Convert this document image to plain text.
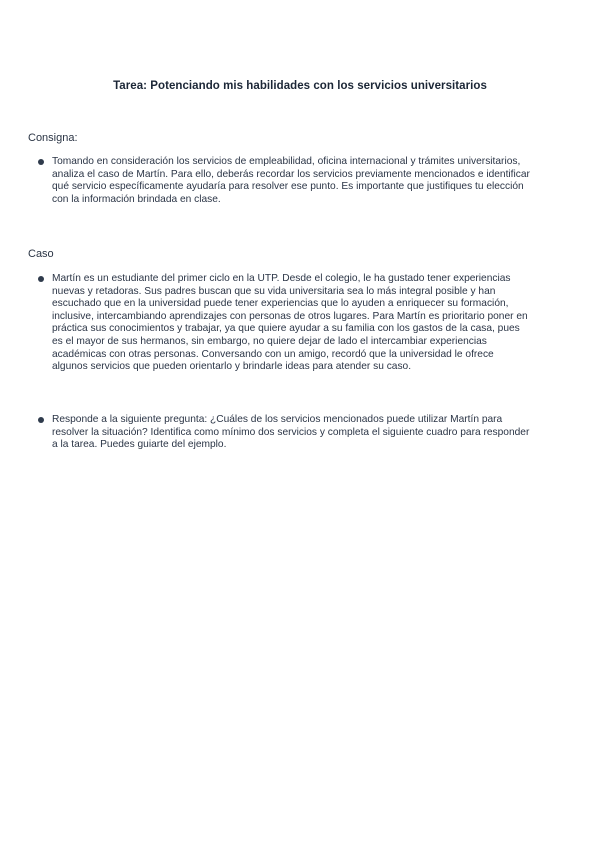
Tarea: Potenciando mis habilidades con los servicios universitarios
Consigna:
Tomando en consideración los servicios de empleabilidad, oficina internacional y trámites universitarios,
analiza el caso de Martín. Para ello, deberás recordar los servicios previamente mencionados e identificar
qué servicio específicamente ayudaría para resolver ese punto. Es importante que justifiques tu elección
con la información brindada en clase.
Caso
Martín es un estudiante del primer ciclo en la UTP. Desde el colegio, le ha gustado tener experiencias
nuevas y retadoras. Sus padres buscan que su vida universitaria sea lo más integral posible y han
escuchado que en la universidad puede tener experiencias que lo ayuden a enriquecer su formación,
inclusive, intercambiando aprendizajes con personas de otros lugares. Para Martín es prioritario poner en
práctica sus conocimientos y trabajar, ya que quiere ayudar a su familia con los gastos de la casa, pues
es el mayor de sus hermanos, sin embargo, no quiere dejar de lado el intercambiar experiencias
académicas con otras personas. Conversando con un amigo, recordó que la universidad le ofrece
algunos servicios que pueden orientarlo y brindarle ideas para atender su caso.
Responde a la siguiente pregunta: ¿Cuáles de los servicios mencionados puede utilizar Martín para
resolver la situación? Identifica como mínimo dos servicios y completa el siguiente cuadro para responder
a la tarea. Puedes guiarte del ejemplo.
